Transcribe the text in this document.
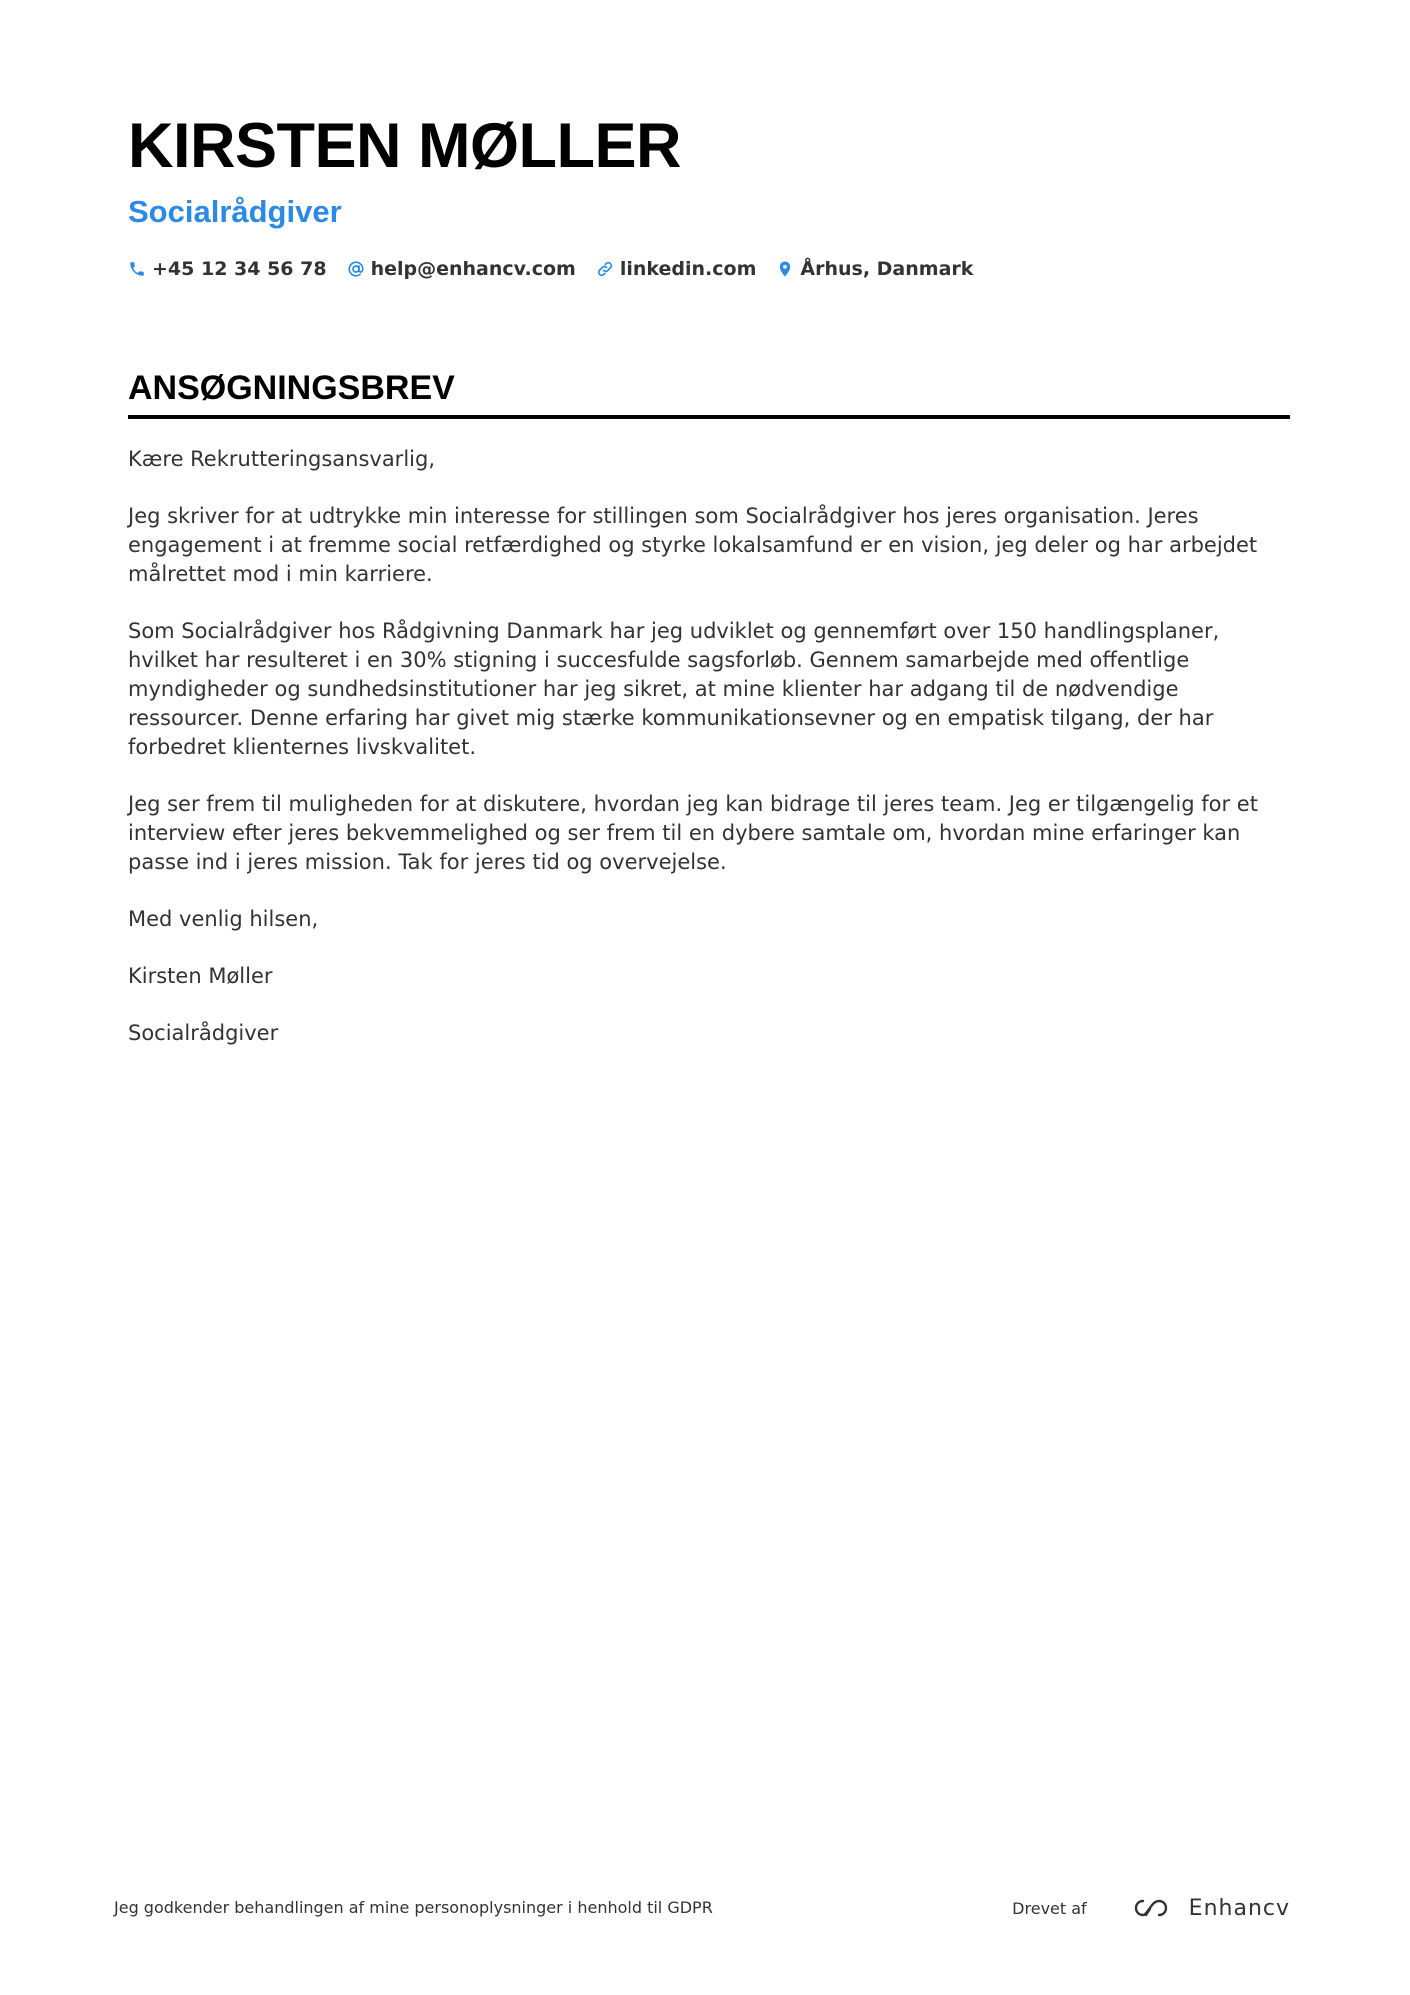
KIRSTEN MØLLER
Socialrådgiver
+45 12 34 56 78 help@enhancv.com linkedin.com Århus, Danmark
ANSØGNINGSBREV

Kære Rekrutteringsansvarlig,

Jeg skriver for at udtrykke min interesse for stillingen som Socialrådgiver hos jeres organisation. Jeres engagement i at fremme social retfærdighed og styrke lokalsamfund er en vision, jeg deler og har arbejdet målrettet mod i min karriere.

Som Socialrådgiver hos Rådgivning Danmark har jeg udviklet og gennemført over 150 handlingsplaner, hvilket har resulteret i en 30% stigning i succesfulde sagsforløb. Gennem samarbejde med offentlige myndigheder og sundhedsinstitutioner har jeg sikret, at mine klienter har adgang til de nødvendige ressourcer. Denne erfaring har givet mig stærke kommunikationsevner og en empatisk tilgang, der har forbedret klienternes livskvalitet.

Jeg ser frem til muligheden for at diskutere, hvordan jeg kan bidrage til jeres team. Jeg er tilgængelig for et interview efter jeres bekvemmelighed og ser frem til en dybere samtale om, hvordan mine erfaringer kan passe ind i jeres mission. Tak for jeres tid og overvejelse.

Med venlig hilsen,

Kirsten Møller

Socialrådgiver

Jeg godkender behandlingen af mine personoplysninger i henhold til GDPR	Drevet af	Enhancv
